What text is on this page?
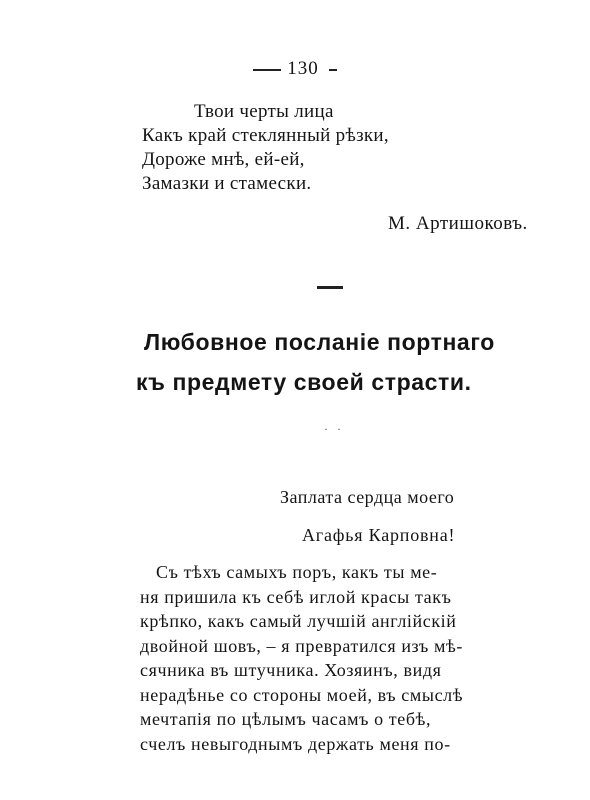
130
Твои черты лица
Какъ край стеклянный рѣзки,
Дороже мнѣ, ей-ей,
Замазки и стамески.
М. Артишоковъ.
Любовное посланіе портнаго
къ предмету своей страсти.
· ·
Заплата сердца моего
Агафья Карповна!
Съ тѣхъ самыхъ поръ, какъ ты ме-
ня пришила къ себѣ иглой красы такъ
крѣпко, какъ самый лучшій англійскій
двойной шовъ, – я превратился изъ мѣ-
сячника въ штучника. Хозяинъ, видя
нерадѣнье со стороны моей, въ смыслѣ
мечтапія по цѣлымъ часамъ о тебѣ,
счелъ невыгоднымъ держать меня по-
